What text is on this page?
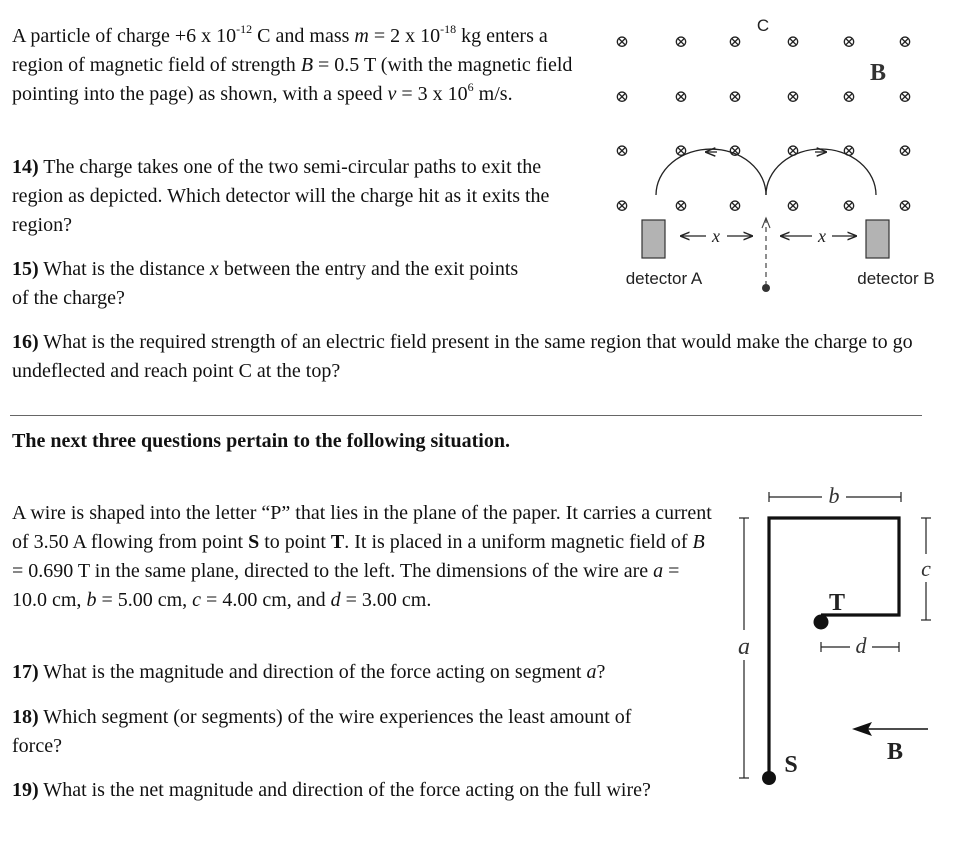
A particle of charge +6 x $10^{-12}$ C and mass m = 2 x $10^{-18}$ kg enters a region of magnetic field of strength B = 0.5 T (with the magnetic field pointing into the page) as shown, with a speed v = 3 x $10^6$ m/s.

14) The charge takes one of the two semi-circular paths to exit the region as depicted. Which detector will the charge hit as it exits the region?

15) What is the distance x between the entry and the exit points of the charge?

16) What is the required strength of an electric field present in the same region that would make the charge to go undeflected and reach point C at the top?

⊗	⊗ ⊗	⊗ ⊗ ⊗
⊗	⊗ ⊗	⊗ ⊗ ⊗
⊗	⊗ ⊗	⊗ ⊗ ⊗
⊗	⊗ ⊗	⊗ ⊗ ⊗
C
B
detector A	detector B
x	x
The next three questions pertain to the following situation.

A wire is shaped into the letter “P” that lies in the plane of the paper. It carries a current of 3.50 A flowing from point S to point T. It is placed in a uniform magnetic field of B = 0.690 T in the same plane, directed to the left. The dimensions of the wire are a = 10.0 cm, b = 5.00 cm, c = 4.00 cm, and d = 3.00 cm.

17) What is the magnitude and direction of the force acting on segment a?

18) Which segment (or segments) of the wire experiences the least amount of force?

19) What is the net magnitude and direction of the force acting on the full wire?

T
S
a
b
c
d
B
